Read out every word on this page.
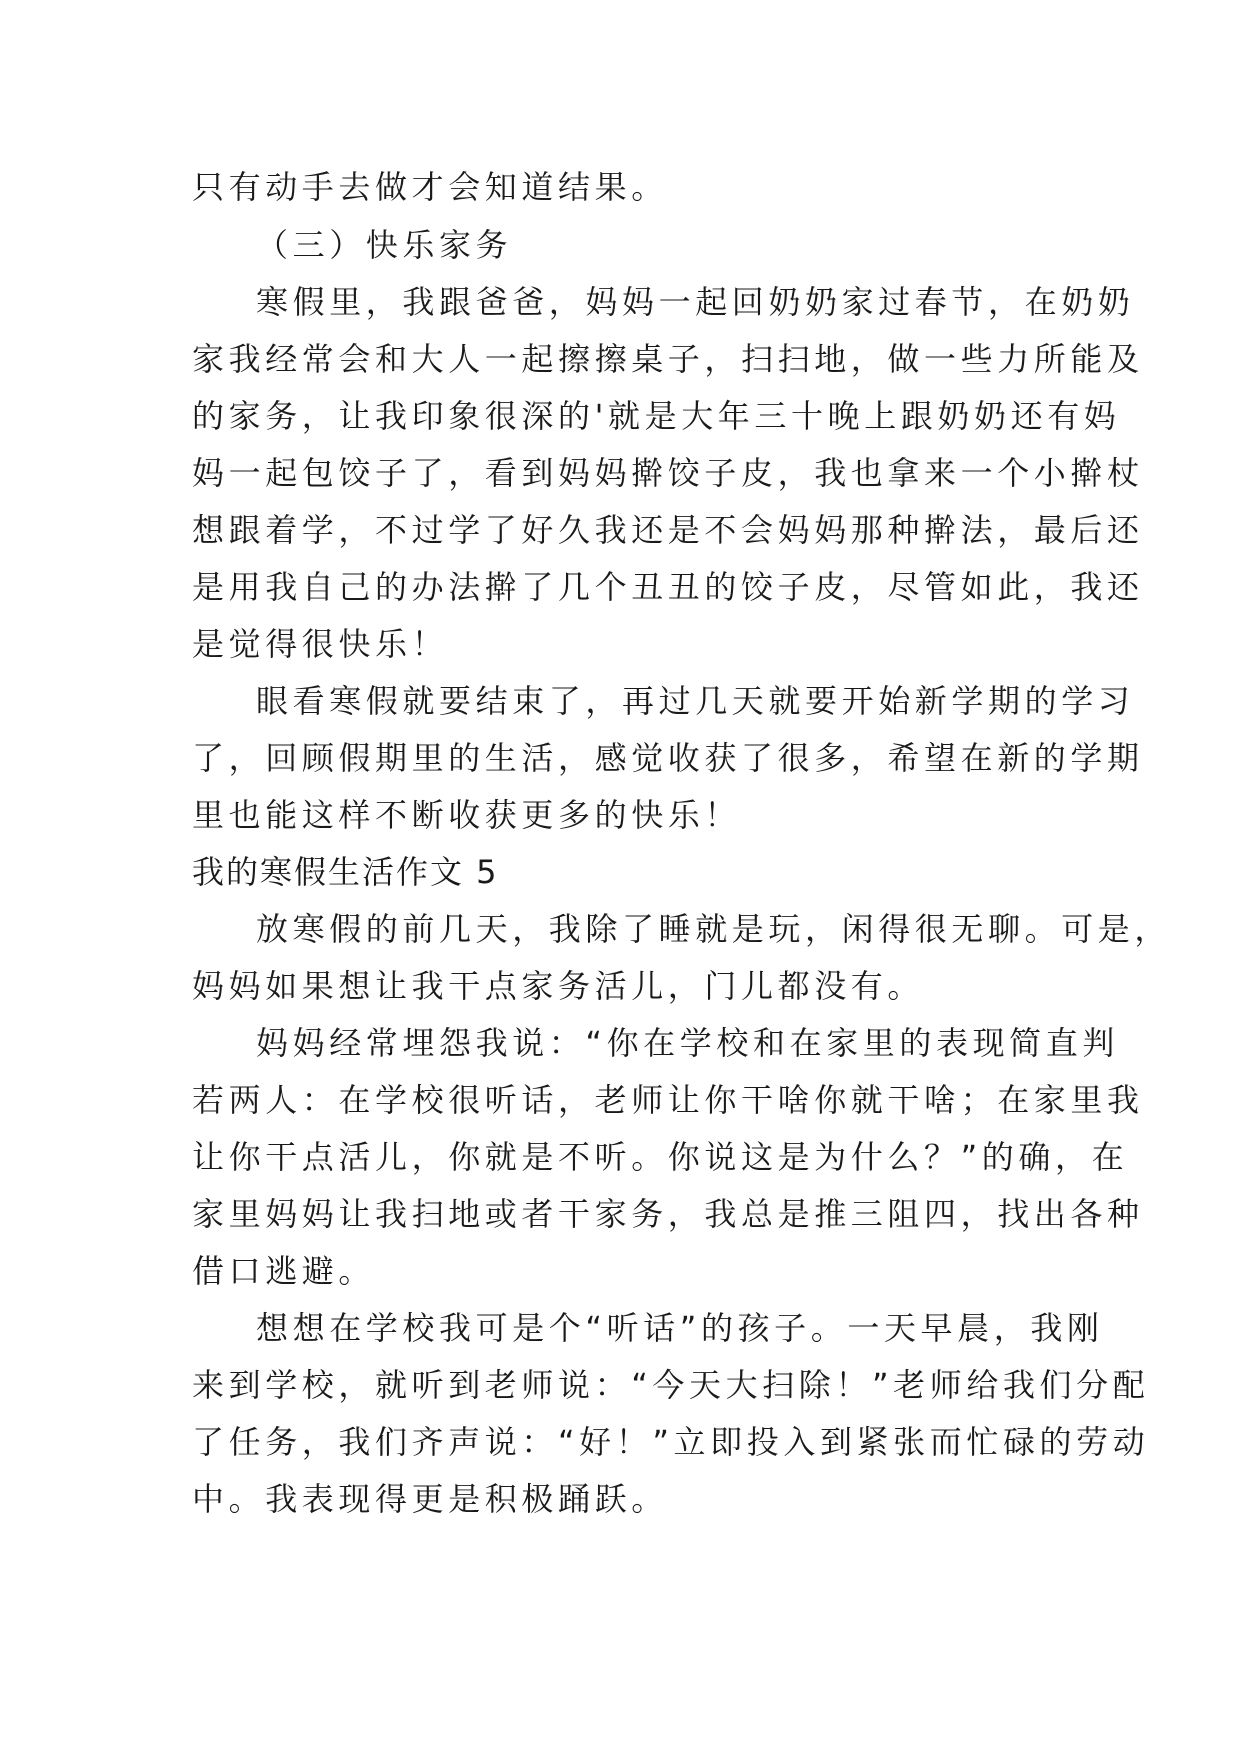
只有动手去做才会知道结果。

（三）快乐家务

寒假里，我跟爸爸，妈妈一起回奶奶家过春节，在奶奶

家我经常会和大人一起擦擦桌子，扫扫地，做一些力所能及

的家务，让我印象很深的'就是大年三十晚上跟奶奶还有妈

妈一起包饺子了，看到妈妈擀饺子皮，我也拿来一个小擀杖

想跟着学，不过学了好久我还是不会妈妈那种擀法，最后还

是用我自己的办法擀了几个丑丑的饺子皮，尽管如此，我还

是觉得很快乐！

眼看寒假就要结束了，再过几天就要开始新学期的学习

了，回顾假期里的生活，感觉收获了很多，希望在新的学期

里也能这样不断收获更多的快乐！

我的寒假生活作文 5

放寒假的前几天，我除了睡就是玩，闲得很无聊。可是，

妈妈如果想让我干点家务活儿，门儿都没有。

妈妈经常埋怨我说：“你在学校和在家里的表现简直判

若两人：在学校很听话，老师让你干啥你就干啥；在家里我

让你干点活儿，你就是不听。你说这是为什么？”的确，在

家里妈妈让我扫地或者干家务，我总是推三阻四，找出各种

借口逃避。

想想在学校我可是个“听话”的孩子。一天早晨，我刚

来到学校，就听到老师说：“今天大扫除！”老师给我们分配

了任务，我们齐声说：“好！”立即投入到紧张而忙碌的劳动

中。我表现得更是积极踊跃。
